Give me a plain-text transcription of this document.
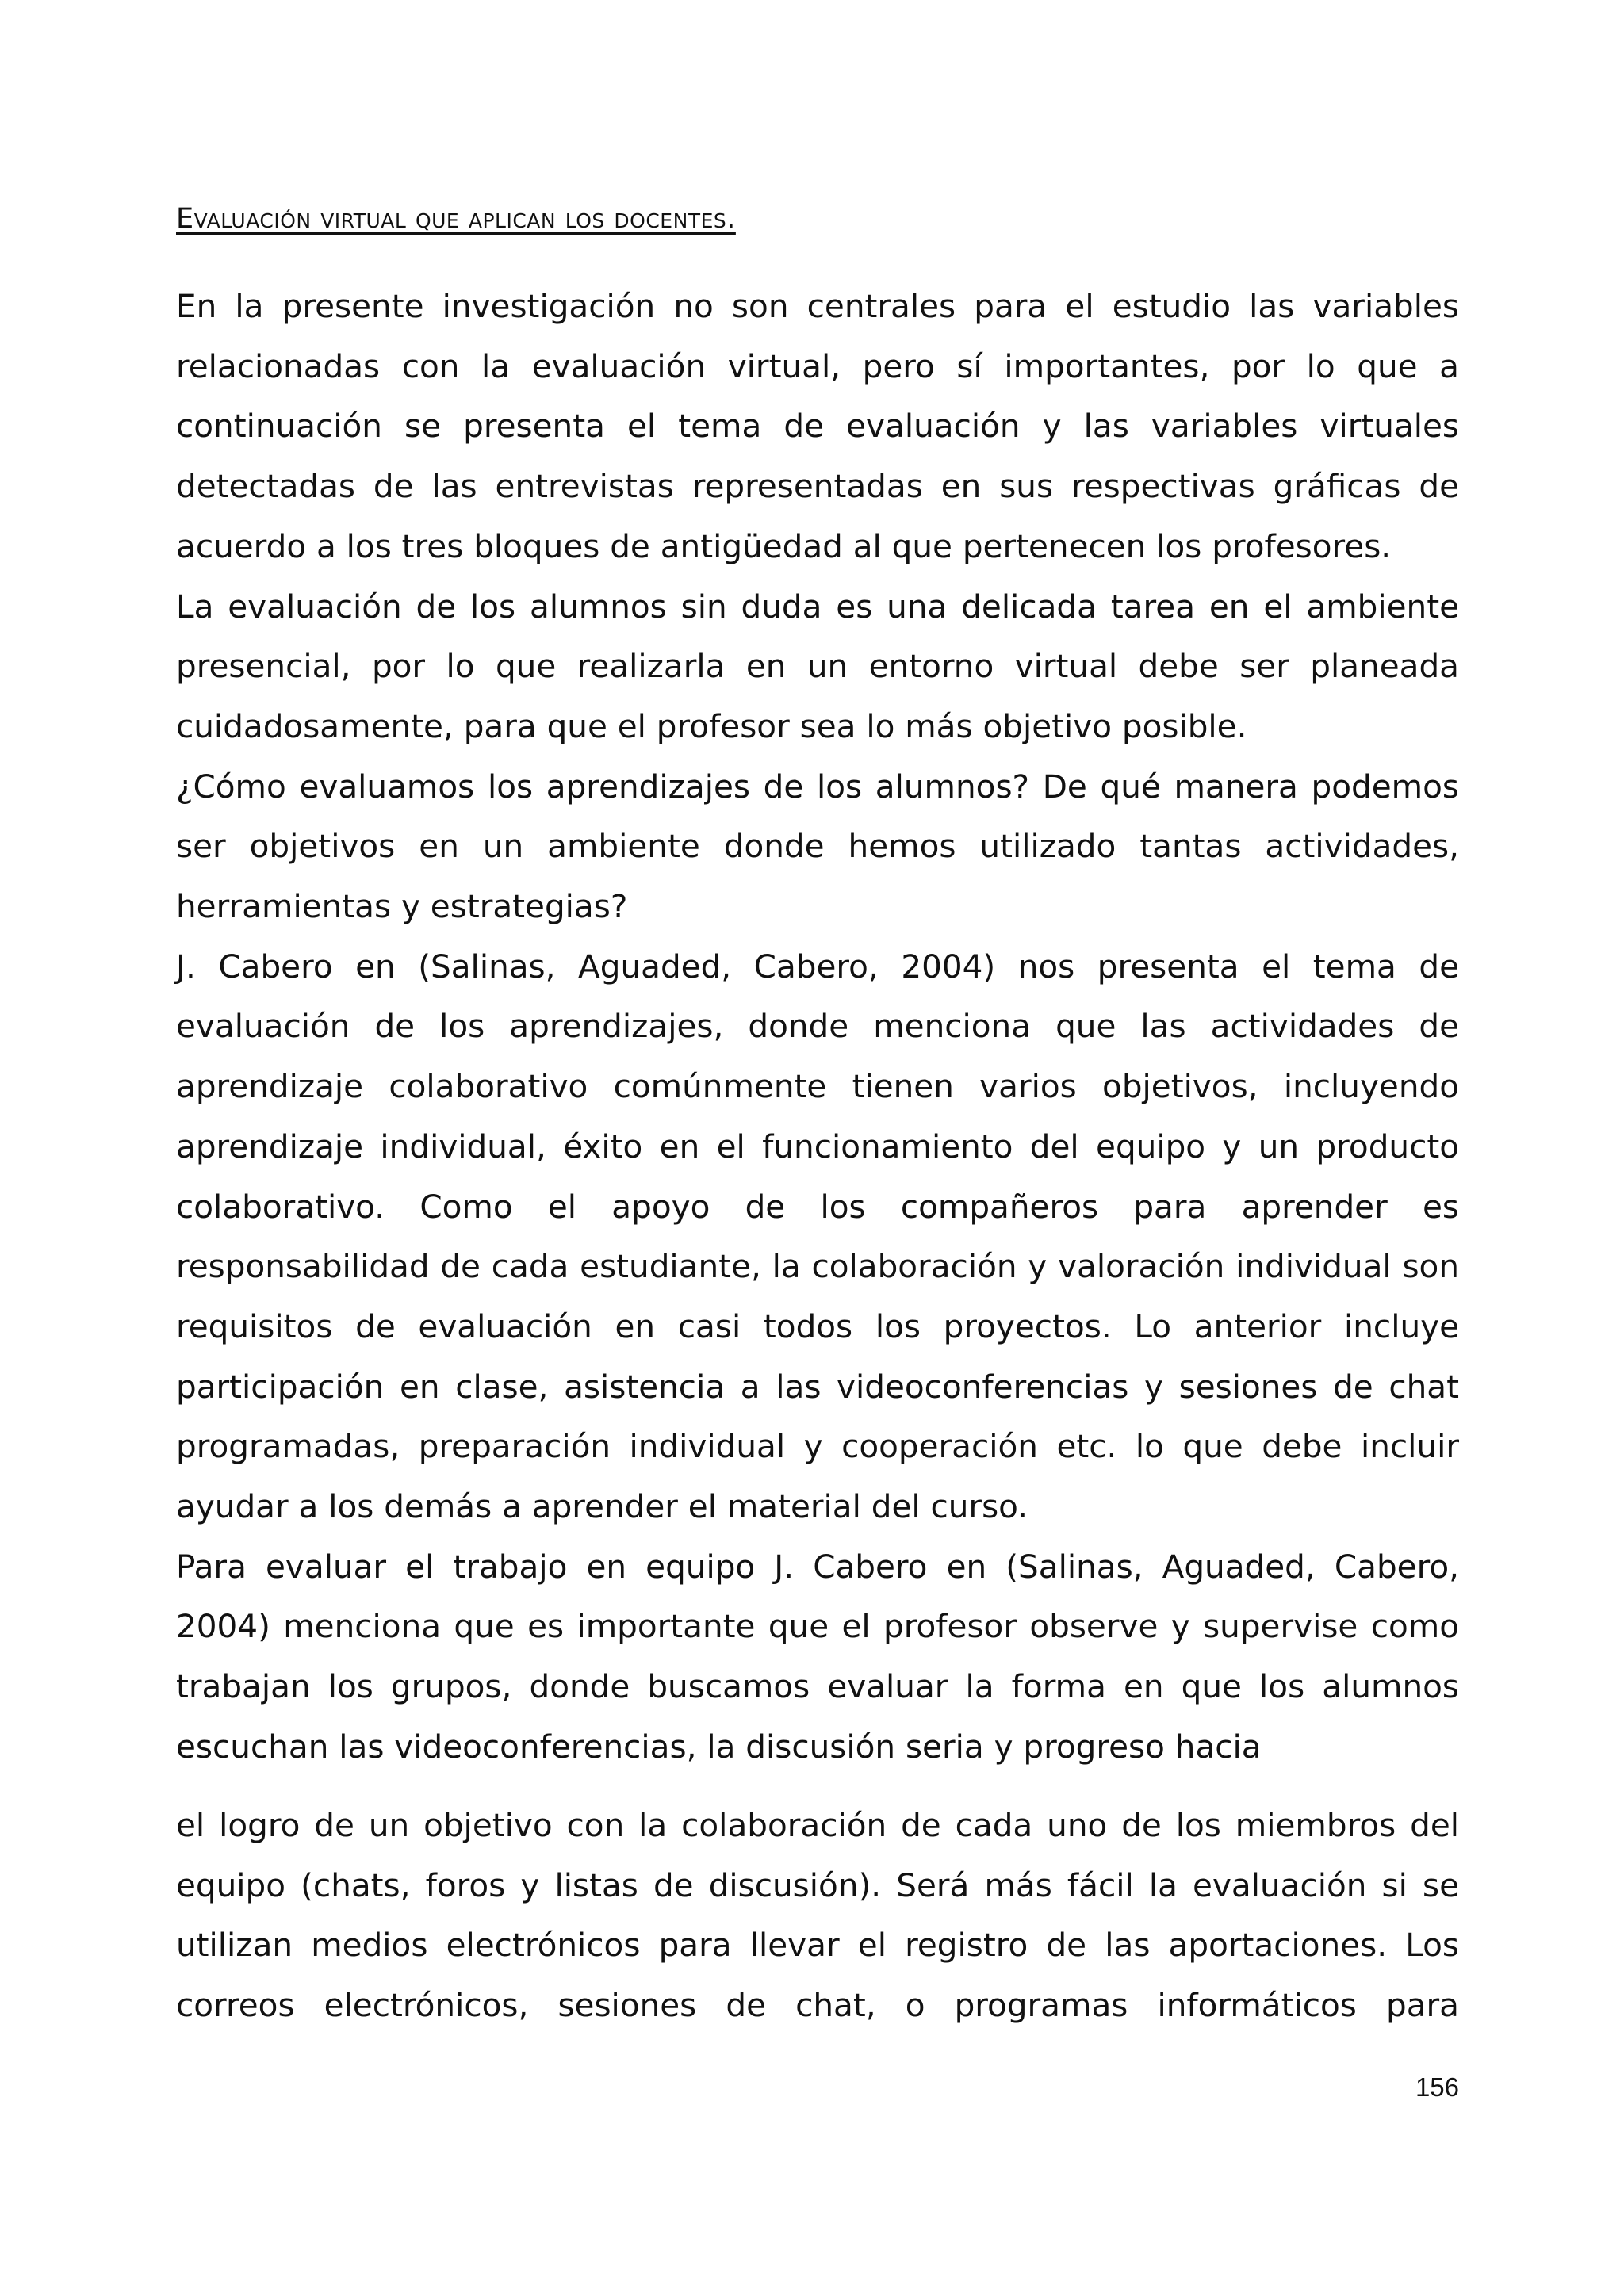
Evaluación virtual que aplican los docentes.

En la presente investigación no son centrales para el estudio las variables relacionadas con la evaluación virtual, pero sí importantes, por lo que a continuación se presenta el tema de evaluación y las variables virtuales detectadas de las entrevistas representadas en sus respectivas gráficas de acuerdo a los tres bloques de antigüedad al que pertenecen los profesores.

La evaluación de los alumnos sin duda es una delicada tarea en el ambiente presencial, por lo que realizarla en un entorno virtual debe ser planeada cuidadosamente, para que el profesor sea lo más objetivo posible.

¿Cómo evaluamos los aprendizajes de los alumnos? De qué manera podemos ser objetivos en un ambiente donde hemos utilizado tantas actividades, herramientas y estrategias?

J. Cabero en (Salinas, Aguaded, Cabero, 2004) nos presenta el tema de evaluación de los aprendizajes, donde menciona que las actividades de aprendizaje colaborativo comúnmente tienen varios objetivos, incluyendo aprendizaje individual, éxito en el funcionamiento del equipo y un producto colaborativo. Como el apoyo de los compañeros para aprender es responsabilidad de cada estudiante, la colaboración y valoración individual son requisitos de evaluación en casi todos los proyectos. Lo anterior incluye participación en clase, asistencia a las videoconferencias y sesiones de chat programadas, preparación individual y cooperación etc. lo que debe incluir ayudar a los demás a aprender el material del curso.

Para evaluar el trabajo en equipo J. Cabero en (Salinas, Aguaded, Cabero, 2004) menciona que es importante que el profesor observe y supervise como trabajan los grupos, donde buscamos evaluar la forma en que los alumnos escuchan las videoconferencias, la discusión seria y progreso hacia

el logro de un objetivo con la colaboración de cada uno de los miembros del equipo (chats, foros y listas de discusión). Será más fácil la evaluación si se utilizan medios electrónicos para llevar el registro de las aportaciones. Los correos electrónicos, sesiones de chat, o programas informáticos para

156
